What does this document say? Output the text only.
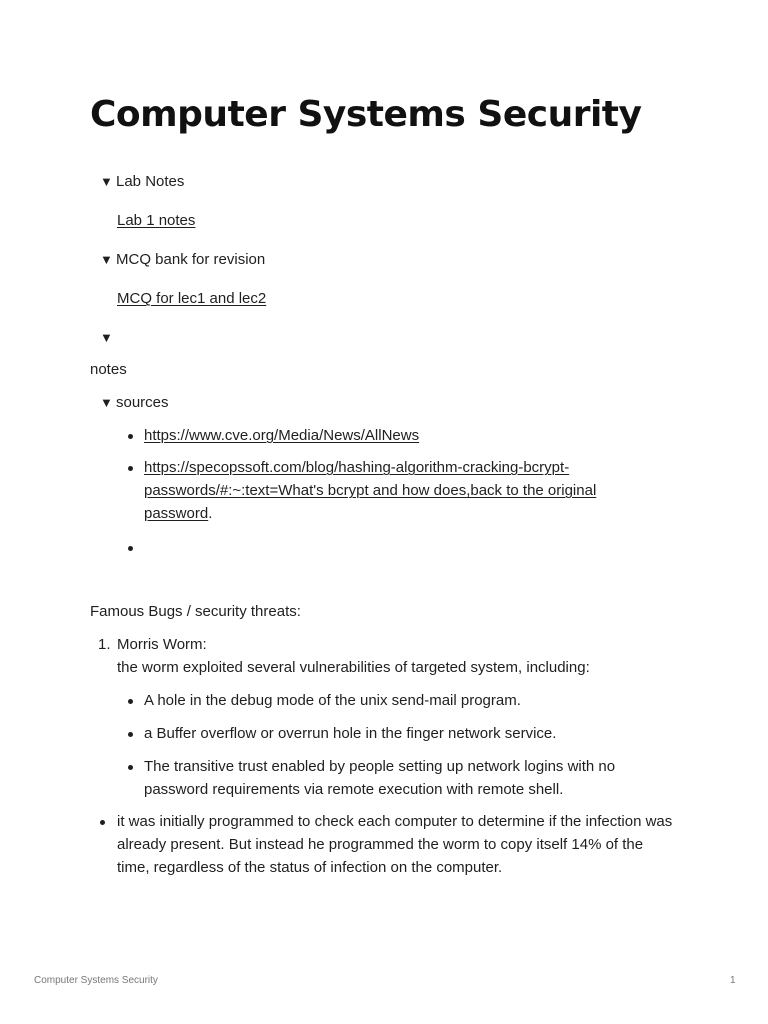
Computer Systems Security
▼ Lab Notes
Lab 1 notes
▼ MCQ bank for revision
MCQ for lec1 and lec2
▼
notes
▼ sources
https://www.cve.org/Media/News/AllNews
https://specopssoft.com/blog/hashing-algorithm-cracking-bcrypt-
passwords/#:~:text=What's bcrypt and how does,back to the original
password.
Famous Bugs / security threats:
1. Morris Worm:
the worm exploited several vulnerabilities of targeted system, including:
A hole in the debug mode of the unix send-mail program.
a Buffer overflow or overrun hole in the finger network service.
The transitive trust enabled by people setting up network logins with no password requirements via remote execution with remote shell.
it was initially programmed to check each computer to determine if the infection was already present. But instead he programmed the worm to copy itself 14% of the time, regardless of the status of infection on the computer.
Computer Systems Security	1
